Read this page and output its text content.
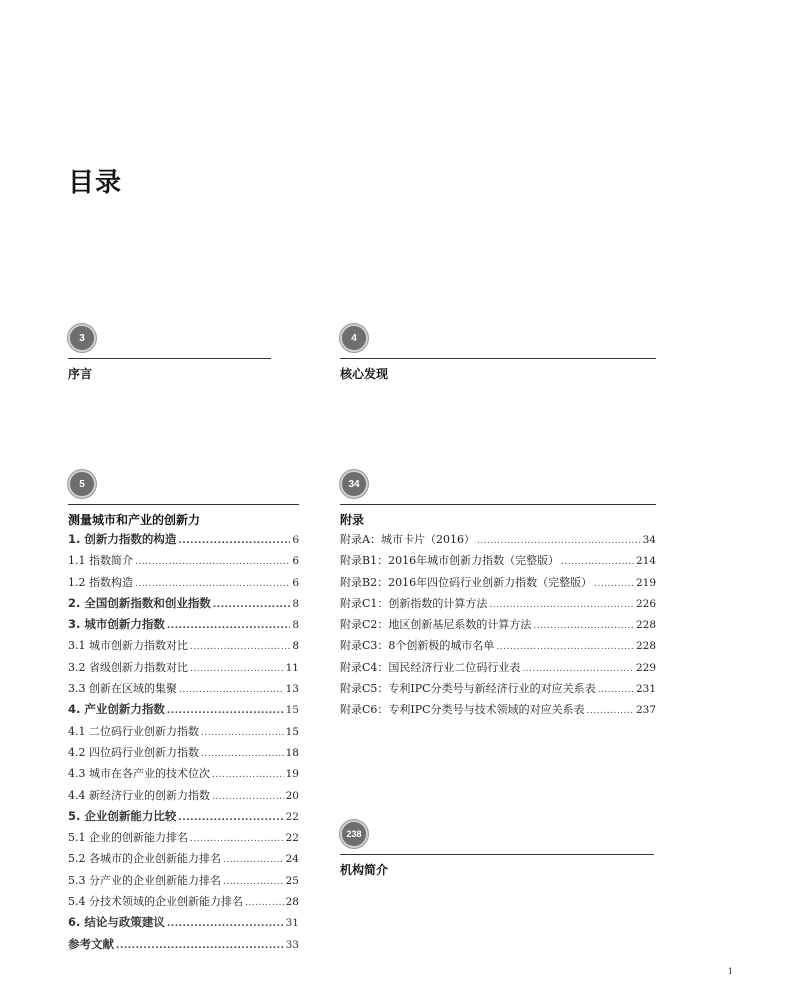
目录
3
序言
4
核心发现
5
测量城市和产业的创新力
1. 创新力指数的构造 .....	6
1.1 指数简介 .....	6
1.2 指数构造 .....	6
2. 全国创新指数和创业指数 .....	8
3. 城市创新力指数 .....	8
3.1 城市创新力指数对比 .....	8
3.2 省级创新力指数对比 .....	11
3.3 创新在区域的集聚 .....	13
4. 产业创新力指数 .....	15
4.1 二位码行业创新力指数 .....	15
4.2 四位码行业创新力指数 .....	18
4.3 城市在各产业的技术位次 .....	19
4.4 新经济行业的创新力指数 .....	20
5. 企业创新能力比较 .....	22
5.1 企业的创新能力排名 .....	22
5.2 各城市的企业创新能力排名 .....	24
5.3 分产业的企业创新能力排名 .....	25
5.4 分技术领域的企业创新能力排名 .....	28
6. 结论与政策建议 .....	31
参考文献 .....	33
34
附录
附录A：城市卡片（2016） .....	34
附录B1：2016年城市创新力指数（完整版） .....	214
附录B2：2016年四位码行业创新力指数（完整版） .....	219
附录C1：创新指数的计算方法 .....	226
附录C2：地区创新基尼系数的计算方法 .....	228
附录C3：8个创新极的城市名单 .....	228
附录C4：国民经济行业二位码行业表 .....	229
附录C5：专利IPC分类号与新经济行业的对应关系表 .....	231
附录C6：专利IPC分类号与技术领域的对应关系表 .....	237
238
机构简介
1
